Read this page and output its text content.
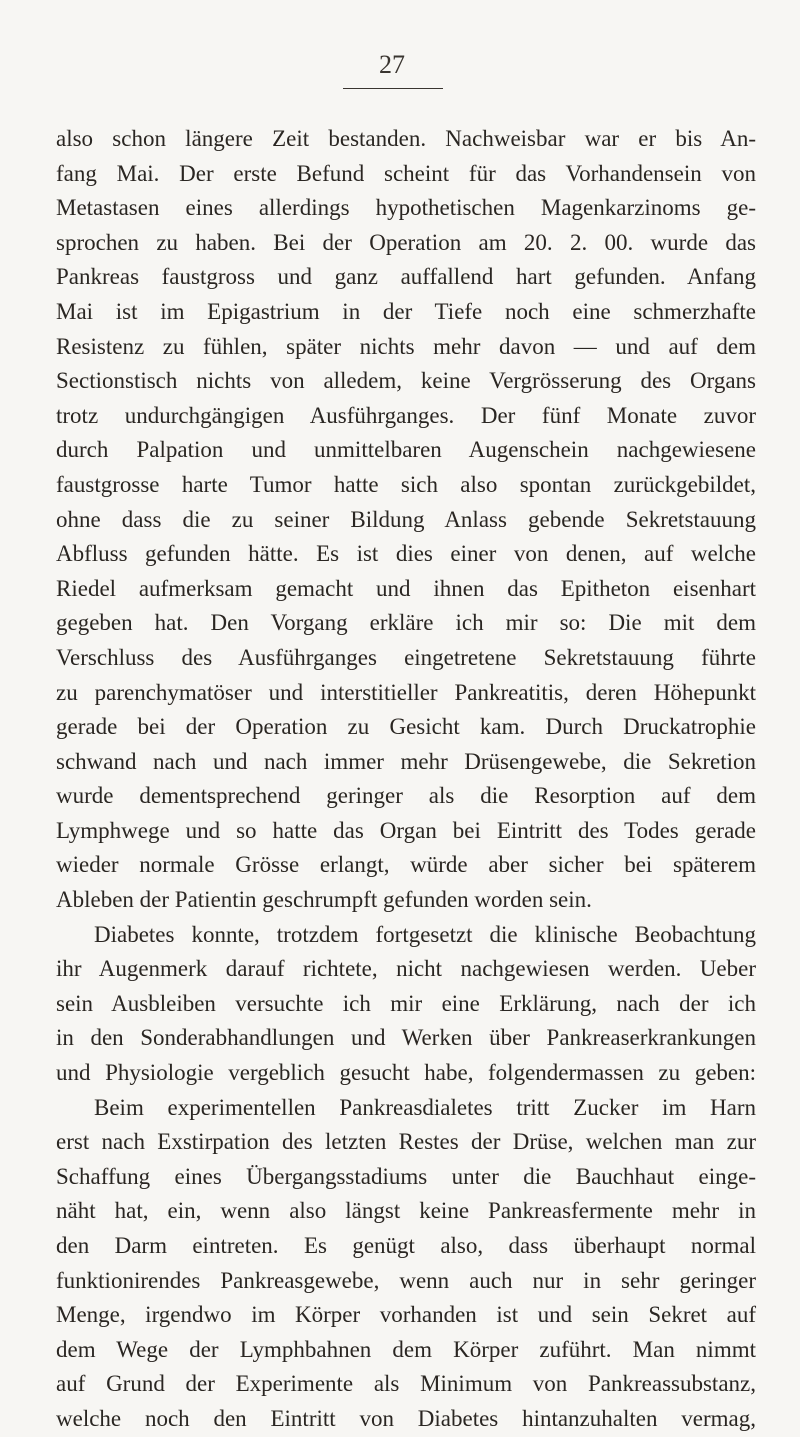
27
also schon längere Zeit bestanden. Nachweisbar war er bis An-
fang Mai. Der erste Befund scheint für das Vorhandensein von
Metastasen eines allerdings hypothetischen Magenkarzinoms ge-
sprochen zu haben. Bei der Operation am 20. 2. 00. wurde das
Pankreas faustgross und ganz auffallend hart gefunden. Anfang
Mai ist im Epigastrium in der Tiefe noch eine schmerzhafte
Resistenz zu fühlen, später nichts mehr davon — und auf dem
Sectionstisch nichts von alledem, keine Vergrösserung des Organs
trotz undurchgängigen Ausführganges. Der fünf Monate zuvor
durch Palpation und unmittelbaren Augenschein nachgewiesene
faustgrosse harte Tumor hatte sich also spontan zurückgebildet,
ohne dass die zu seiner Bildung Anlass gebende Sekretstauung
Abfluss gefunden hätte. Es ist dies einer von denen, auf welche
Riedel aufmerksam gemacht und ihnen das Epitheton eisenhart
gegeben hat. Den Vorgang erkläre ich mir so: Die mit dem
Verschluss des Ausführganges eingetretene Sekretstauung führte
zu parenchymatöser und interstitieller Pankreatitis, deren Höhepunkt
gerade bei der Operation zu Gesicht kam. Durch Druckatrophie
schwand nach und nach immer mehr Drüsengewebe, die Sekretion
wurde dementsprechend geringer als die Resorption auf dem
Lymphwege und so hatte das Organ bei Eintritt des Todes gerade
wieder normale Grösse erlangt, würde aber sicher bei späterem
Ableben der Patientin geschrumpft gefunden worden sein.
Diabetes konnte, trotzdem fortgesetzt die klinische Beobachtung
ihr Augenmerk darauf richtete, nicht nachgewiesen werden. Ueber
sein Ausbleiben versuchte ich mir eine Erklärung, nach der ich
in den Sonderabhandlungen und Werken über Pankreaserkrankungen
und Physiologie vergeblich gesucht habe, folgendermassen zu geben:
Beim experimentellen Pankreasdialetes tritt Zucker im Harn
erst nach Exstirpation des letzten Restes der Drüse, welchen man zur
Schaffung eines Übergangsstadiums unter die Bauchhaut einge-
näht hat, ein, wenn also längst keine Pankreasfermente mehr in
den Darm eintreten. Es genügt also, dass überhaupt normal
funktionirendes Pankreasgewebe, wenn auch nur in sehr geringer
Menge, irgendwo im Körper vorhanden ist und sein Sekret auf
dem Wege der Lymphbahnen dem Körper zuführt. Man nimmt
auf Grund der Experimente als Minimum von Pankreassubstanz,
welche noch den Eintritt von Diabetes hintanzuhalten vermag,
